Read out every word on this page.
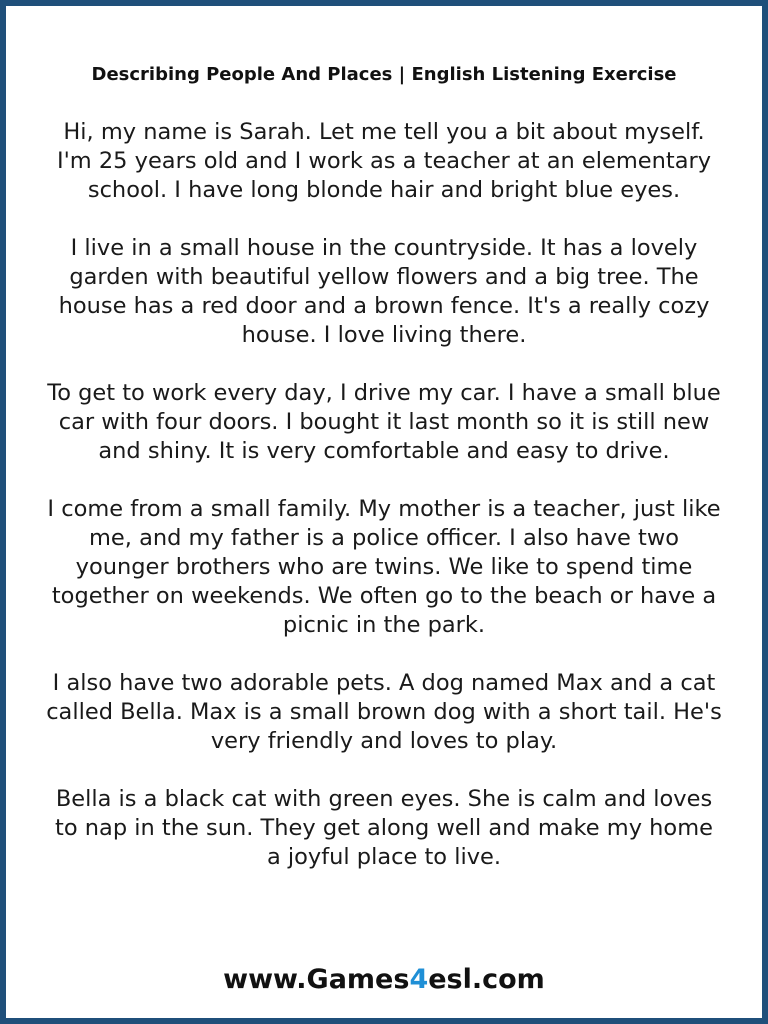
Describing People And Places | English Listening Exercise

Hi, my name is Sarah. Let me tell you a bit about myself. I'm 25 years old and I work as a teacher at an elementary school. I have long blonde hair and bright blue eyes.

I live in a small house in the countryside. It has a lovely garden with beautiful yellow flowers and a big tree. The house has a red door and a brown fence. It's a really cozy house. I love living there.

To get to work every day, I drive my car. I have a small blue car with four doors. I bought it last month so it is still new and shiny. It is very comfortable and easy to drive.

I come from a small family. My mother is a teacher, just like me, and my father is a police officer. I also have two younger brothers who are twins. We like to spend time together on weekends. We often go to the beach or have a picnic in the park.

I also have two adorable pets. A dog named Max and a cat called Bella. Max is a small brown dog with a short tail. He's very friendly and loves to play.

Bella is a black cat with green eyes. She is calm and loves to nap in the sun. They get along well and make my home a joyful place to live.

www.Games4esl.com
